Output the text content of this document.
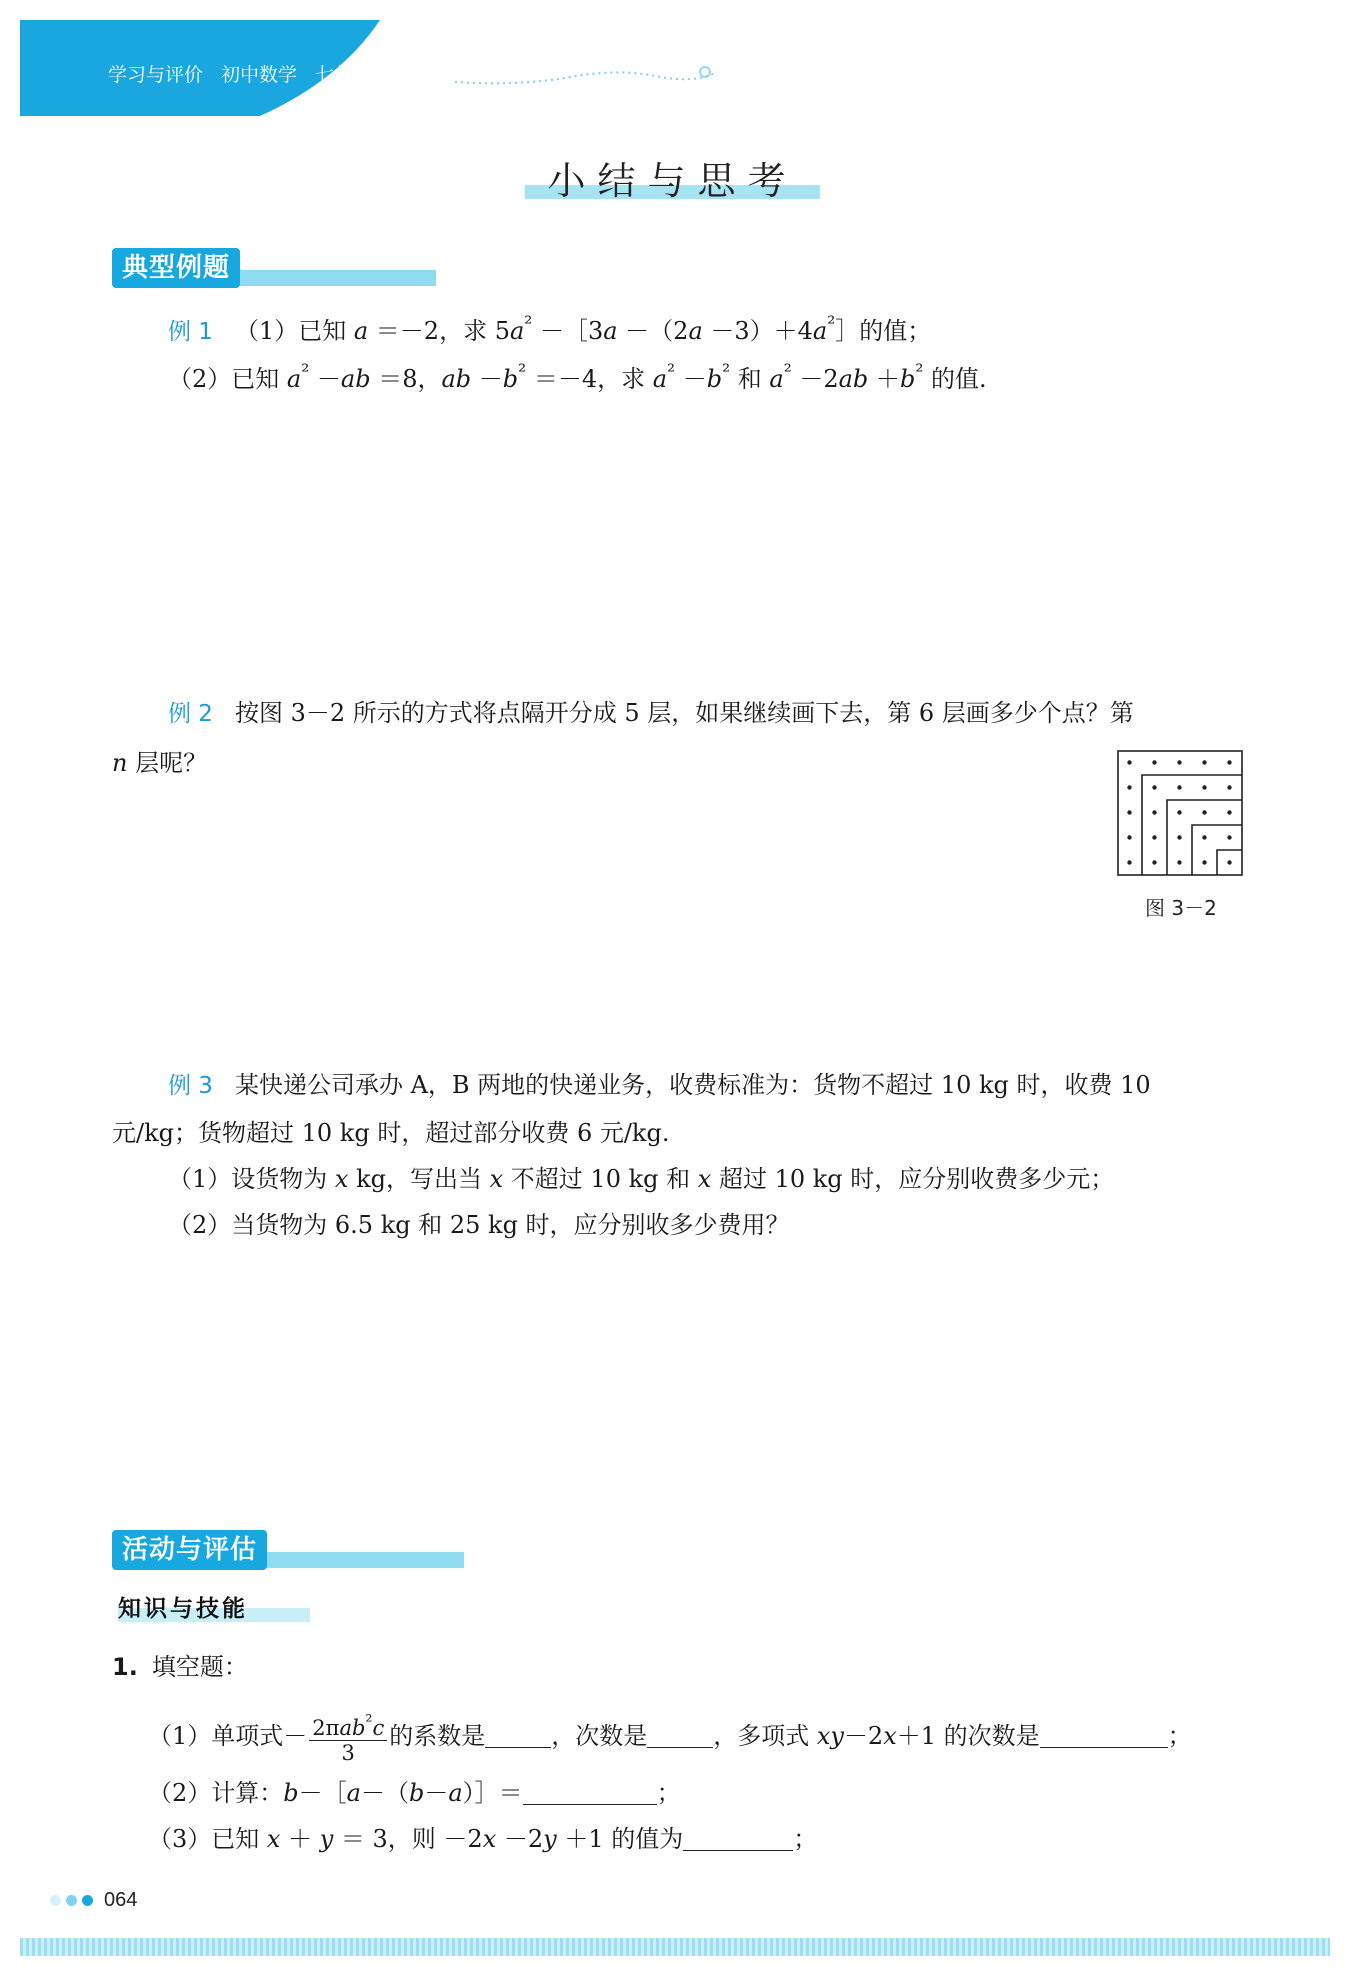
学习与评价 初中数学 七年级上册
小结与思考
典型例题
例 1 （1）已知 a ＝－2，求 $5a^{^2}$ －［3a $-(2a -3)+4a^{^2}]$的值；
（2）已知 $a^{^2} -ab =8$，ab $-b^{^2} =-4$，求 $a^{^2} -b^{^2}$ 和 $a^{^2} -2ab +b^{^2}$ 的值.
例 2 按图 3－2 所示的方式将点隔开分成 5 层，如果继续画下去，第 6 层画多少个点？第
n 层呢？
图 3－2
例 3 某快递公司承办 A，B 两地的快递业务，收费标准为：货物不超过 10 kg 时，收费 10
元/kg；货物超过 10 kg 时，超过部分收费 6 元/kg.
（1）设货物为 x kg，写出当 x 不超过 10 kg 和 x 超过 10 kg 时，应分别收费多少元；
（2）当货物为 6.5 kg 和 25 kg 时，应分别收多少费用？
活动与评估
知识与技能
1. 填空题：
（1）单项式－ $\frac{2\pi ab^{^2}c}{3}$ 的系数是	，次数是	，多项式 xy－2x＋1 的次数是	；
（2）计算：b－［a－（b－a）］＝	；
（3）已知 x ＋ y ＝ 3，则 －2x －2y ＋1 的值为	；
064
